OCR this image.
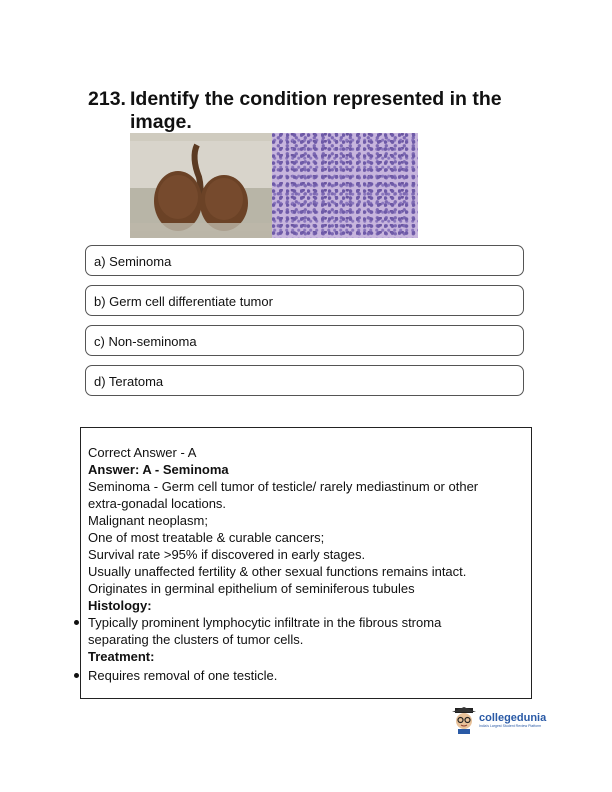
213. Identify the condition represented in the image.
a) Seminoma
b) Germ cell differentiate tumor
c) Non-seminoma
d) Teratoma
Correct Answer - A
Answer: A - Seminoma
Seminoma - Germ cell tumor of testicle/ rarely mediastinum or other
extra-gonadal locations.
Malignant neoplasm;
One of most treatable & curable cancers;
Survival rate >95% if discovered in early stages.
Usually unaffected fertility & other sexual functions remains intact.
Originates in germinal epithelium of seminiferous tubules
Histology:
Typically prominent lymphocytic infiltrate in the fibrous stroma
separating the clusters of tumor cells.
Treatment:
Requires removal of one testicle.
collegedunia
India's Largest Student Review Platform
